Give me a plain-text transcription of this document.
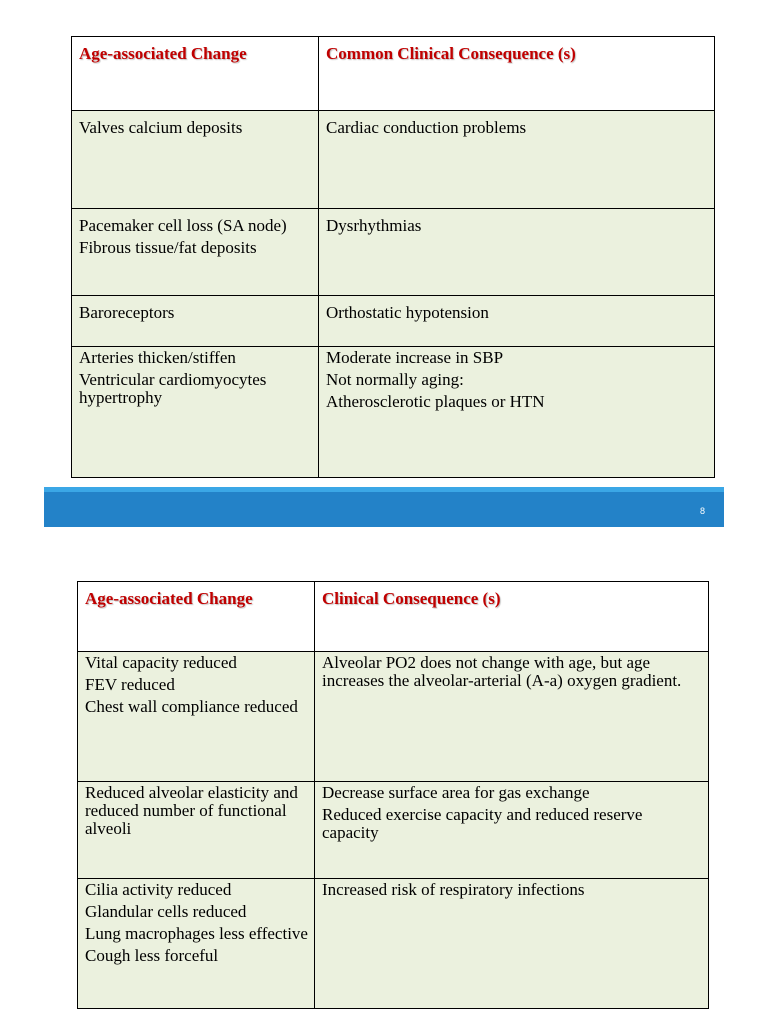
Age-associated Change	Common Clinical Consequence (s)

Valves calcium deposits	Cardiac conduction problems

Pacemaker cell loss (SA node)
Fibrous tissue/fat deposits	Dysrhythmias

Baroreceptors	Orthostatic hypotension

Arteries thicken/stiffen
Ventricular cardiomyocytes hypertrophy	Moderate increase in SBP
Not normally aging:
Atherosclerotic plaques or HTN
8
Age-associated Change	Clinical Consequence (s)

Vital capacity reduced
FEV reduced
Chest wall compliance reduced	Alveolar PO2 does not change with age, but age increases the alveolar-arterial (A-a) oxygen gradient.

Reduced alveolar elasticity and reduced number of functional alveoli	Decrease surface area for gas exchange
Reduced exercise capacity and reduced reserve capacity

Cilia activity reduced
Glandular cells reduced
Lung macrophages less effective
Cough less forceful	Increased risk of respiratory infections
